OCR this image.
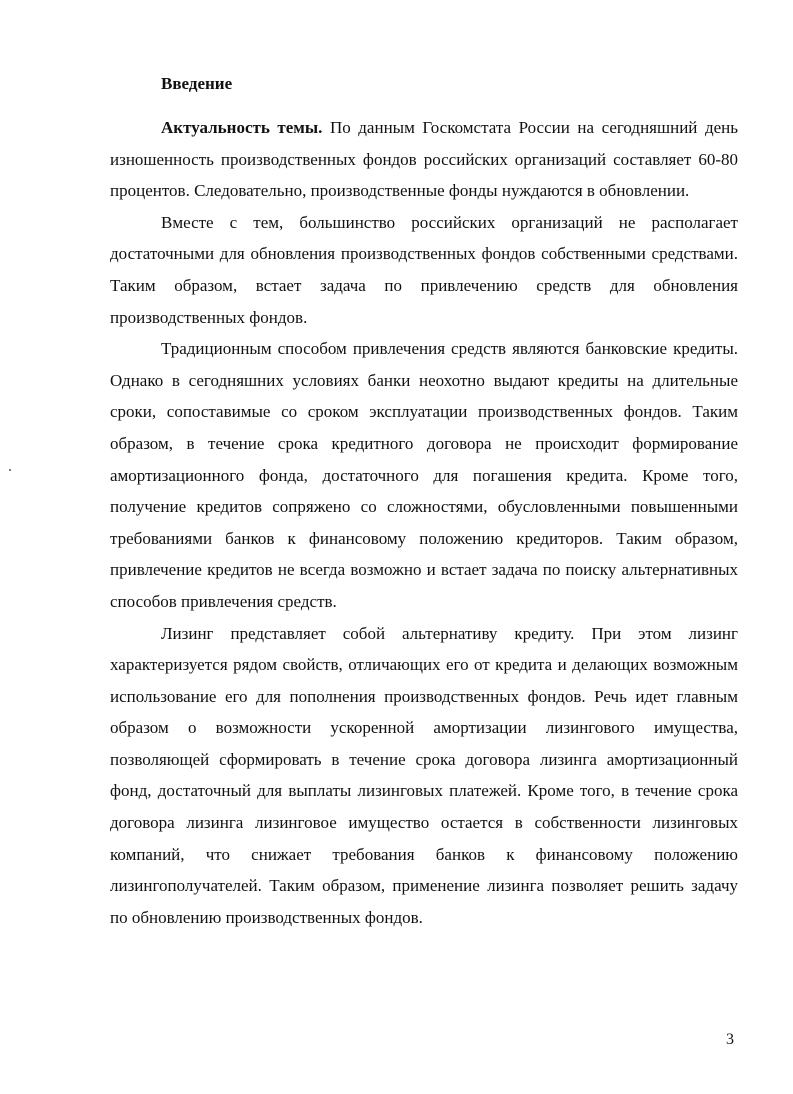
Введение

Актуальность темы. По данным Госкомстата России на сегодняшний день изношенность производственных фондов российских организаций составляет 60-80 процентов. Следовательно, производственные фонды нуждаются в обновлении.

Вместе с тем, большинство российских организаций не располагает достаточными для обновления производственных фондов собственными средствами. Таким образом, встает задача по привлечению средств для обновления производственных фондов.

Традиционным способом привлечения средств являются банковские кредиты. Однако в сегодняшних условиях банки неохотно выдают кредиты на длительные сроки, сопоставимые со сроком эксплуатации производственных фондов. Таким образом, в течение срока кредитного договора не происходит формирование амортизационного фонда, достаточного для погашения кредита. Кроме того, получение кредитов сопряжено со сложностями, обусловленными повышенными требованиями банков к финансовому положению кредиторов. Таким образом, привлечение кредитов не всегда возможно и встает задача по поиску альтернативных способов привлечения средств.

Лизинг представляет собой альтернативу кредиту. При этом лизинг характеризуется рядом свойств, отличающих его от кредита и делающих возможным использование его для пополнения производственных фондов. Речь идет главным образом о возможности ускоренной амортизации лизингового имущества, позволяющей сформировать в течение срока договора лизинга амортизационный фонд, достаточный для выплаты лизинговых платежей. Кроме того, в течение срока договора лизинга лизинговое имущество остается в собственности лизинговых компаний, что снижает требования банков к финансовому положению лизингополучателей. Таким образом, применение лизинга позволяет решить задачу по обновлению производственных фондов.

3
